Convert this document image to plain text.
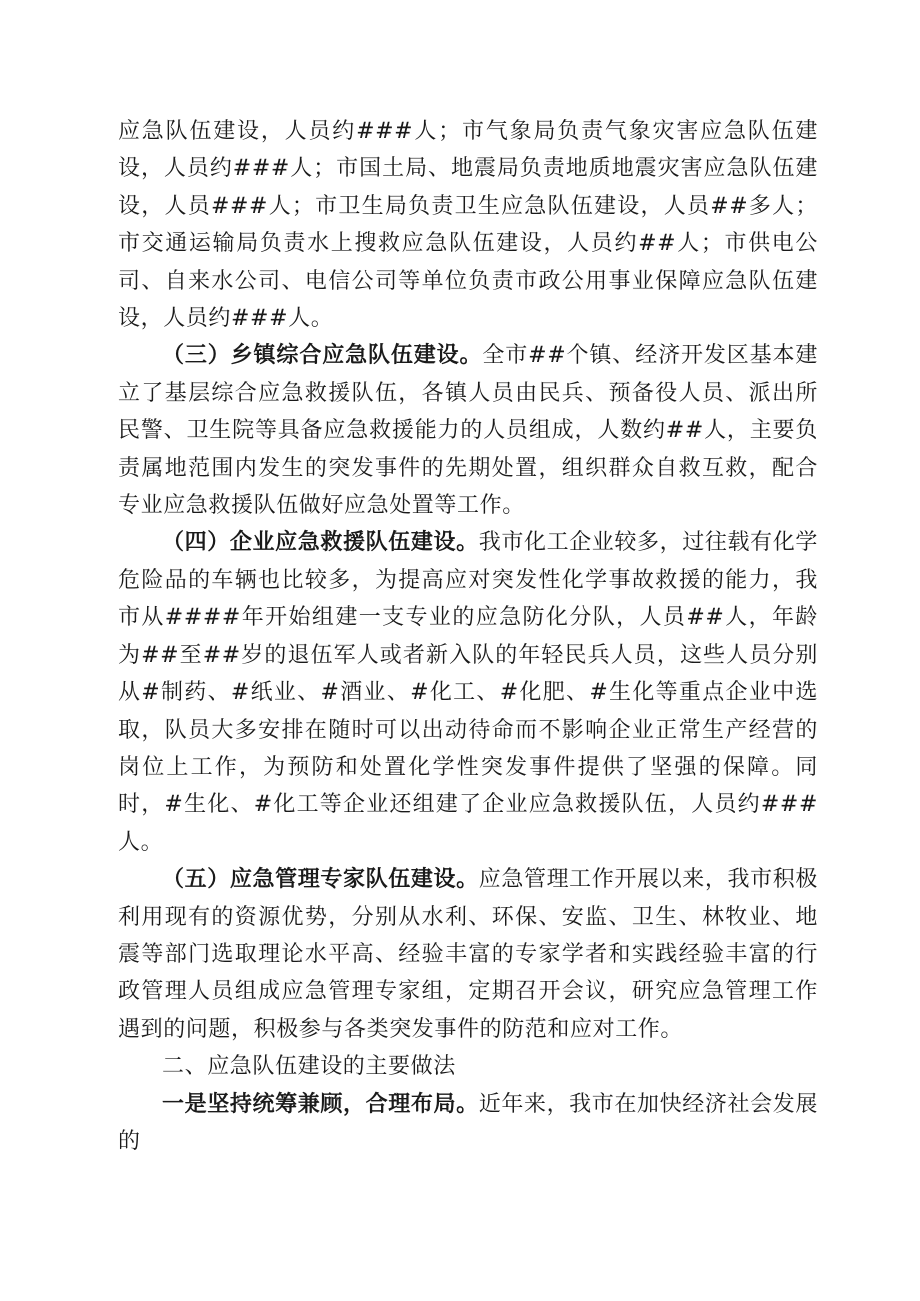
应急队伍建设，人员约###人；市气象局负责气象灾害应急队伍建设，人员约###人；市国土局、地震局负责地质地震灾害应急队伍建设，人员###人；市卫生局负责卫生应急队伍建设，人员##多人；市交通运输局负责水上搜救应急队伍建设，人员约##人；市供电公司、自来水公司、电信公司等单位负责市政公用事业保障应急队伍建设，人员约###人。

（三）乡镇综合应急队伍建设。全市##个镇、经济开发区基本建立了基层综合应急救援队伍，各镇人员由民兵、预备役人员、派出所民警、卫生院等具备应急救援能力的人员组成，人数约##人，主要负责属地范围内发生的突发事件的先期处置，组织群众自救互救，配合专业应急救援队伍做好应急处置等工作。

（四）企业应急救援队伍建设。我市化工企业较多，过往载有化学危险品的车辆也比较多，为提高应对突发性化学事故救援的能力，我市从####年开始组建一支专业的应急防化分队，人员##人，年龄为##至##岁的退伍军人或者新入队的年轻民兵人员，这些人员分别从#制药、#纸业、#酒业、#化工、#化肥、#生化等重点企业中选取，队员大多安排在随时可以出动待命而不影响企业正常生产经营的岗位上工作，为预防和处置化学性突发事件提供了坚强的保障。同时，#生化、#化工等企业还组建了企业应急救援队伍，人员约###人。

（五）应急管理专家队伍建设。应急管理工作开展以来，我市积极利用现有的资源优势，分别从水利、环保、安监、卫生、林牧业、地震等部门选取理论水平高、经验丰富的专家学者和实践经验丰富的行政管理人员组成应急管理专家组，定期召开会议，研究应急管理工作遇到的问题，积极参与各类突发事件的防范和应对工作。

二、应急队伍建设的主要做法

一是坚持统筹兼顾，合理布局。近年来，我市在加快经济社会发展的
